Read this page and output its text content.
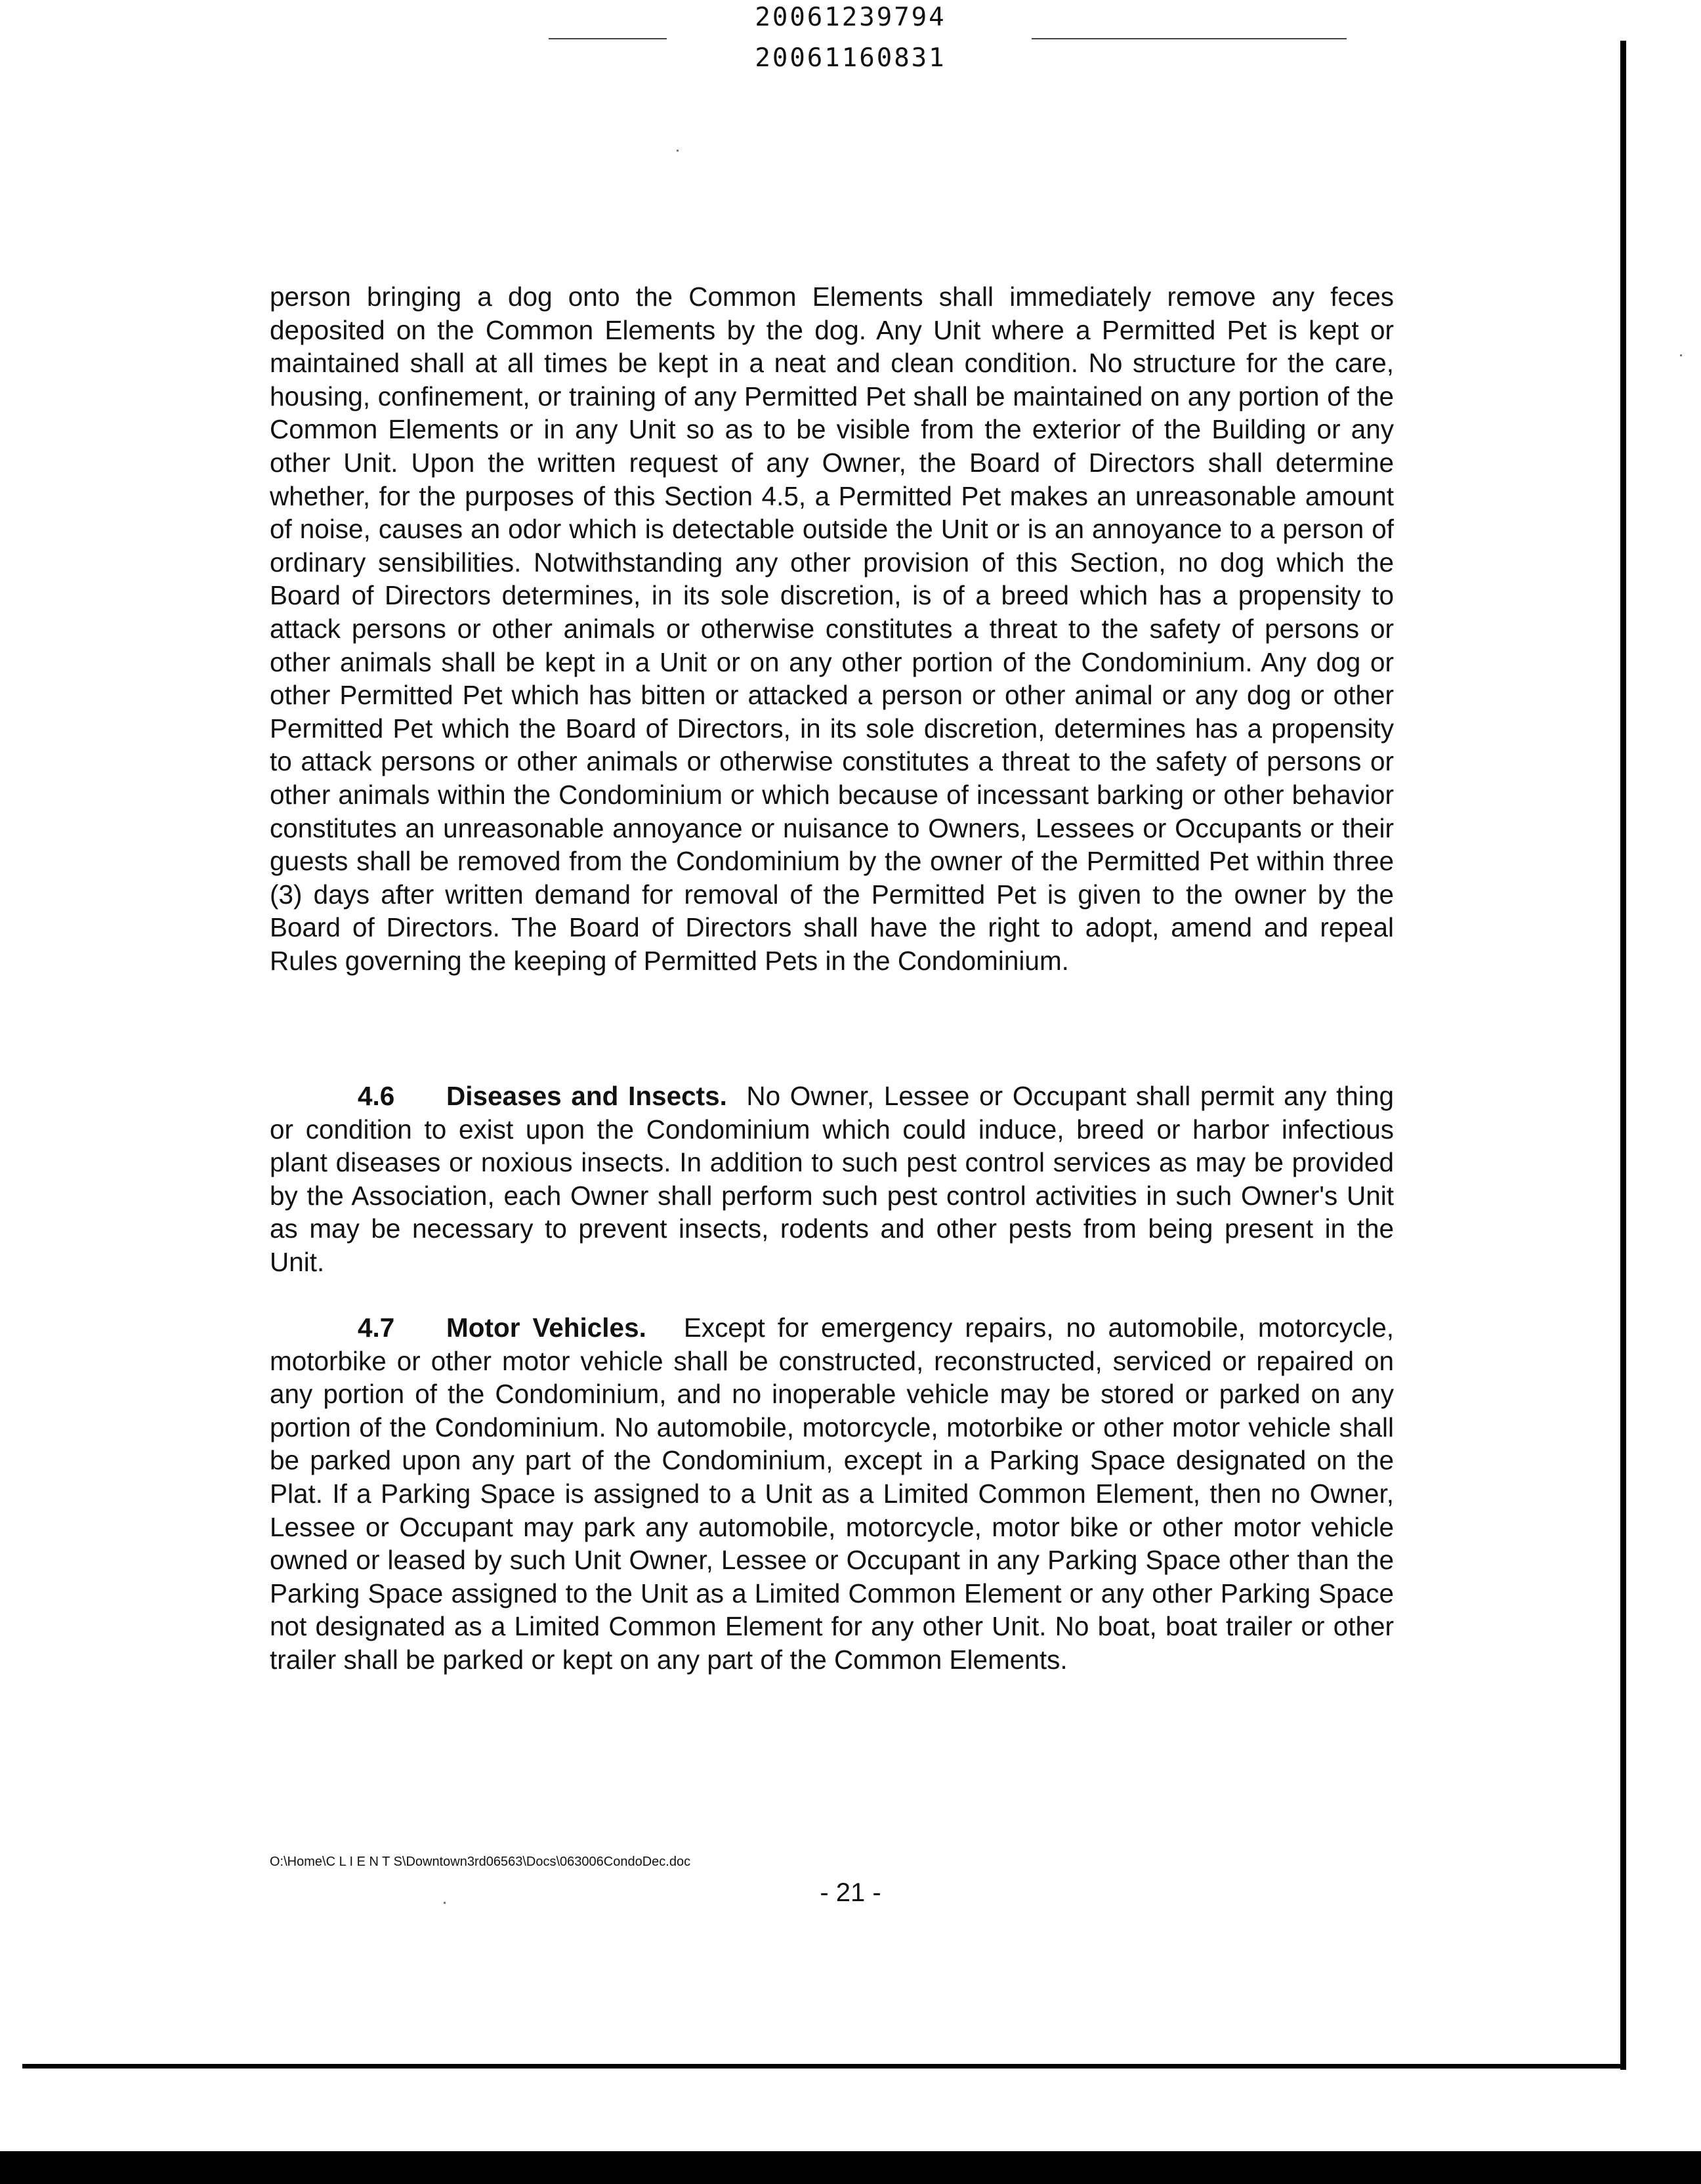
20061239794
20061160831

person bringing a dog onto the Common Elements shall immediately remove any feces deposited on the Common Elements by the dog. Any Unit where a Permitted Pet is kept or maintained shall at all times be kept in a neat and clean condition. No structure for the care, housing, confinement, or training of any Permitted Pet shall be maintained on any portion of the Common Elements or in any Unit so as to be visible from the exterior of the Building or any other Unit. Upon the written request of any Owner, the Board of Directors shall determine whether, for the purposes of this Section 4.5, a Permitted Pet makes an unreasonable amount of noise, causes an odor which is detectable outside the Unit or is an annoyance to a person of ordinary sensibilities. Notwithstanding any other provision of this Section, no dog which the Board of Directors determines, in its sole discretion, is of a breed which has a propensity to attack persons or other animals or otherwise constitutes a threat to the safety of persons or other animals shall be kept in a Unit or on any other portion of the Condominium. Any dog or other Permitted Pet which has bitten or attacked a person or other animal or any dog or other Permitted Pet which the Board of Directors, in its sole discretion, determines has a propensity to attack persons or other animals or otherwise constitutes a threat to the safety of persons or other animals within the Condominium or which because of incessant barking or other behavior constitutes an unreasonable annoyance or nuisance to Owners, Lessees or Occupants or their guests shall be removed from the Condominium by the owner of the Permitted Pet within three (3) days after written demand for removal of the Permitted Pet is given to the owner by the Board of Directors. The Board of Directors shall have the right to adopt, amend and repeal Rules governing the keeping of Permitted Pets in the Condominium.

4.6 Diseases and Insects. No Owner, Lessee or Occupant shall permit any thing or condition to exist upon the Condominium which could induce, breed or harbor infectious plant diseases or noxious insects. In addition to such pest control services as may be provided by the Association, each Owner shall perform such pest control activities in such Owner's Unit as may be necessary to prevent insects, rodents and other pests from being present in the Unit.

4.7 Motor Vehicles. Except for emergency repairs, no automobile, motorcycle, motorbike or other motor vehicle shall be constructed, reconstructed, serviced or repaired on any portion of the Condominium, and no inoperable vehicle may be stored or parked on any portion of the Condominium. No automobile, motorcycle, motorbike or other motor vehicle shall be parked upon any part of the Condominium, except in a Parking Space designated on the Plat. If a Parking Space is assigned to a Unit as a Limited Common Element, then no Owner, Lessee or Occupant may park any automobile, motorcycle, motor bike or other motor vehicle owned or leased by such Unit Owner, Lessee or Occupant in any Parking Space other than the Parking Space assigned to the Unit as a Limited Common Element or any other Parking Space not designated as a Limited Common Element for any other Unit. No boat, boat trailer or other trailer shall be parked or kept on any part of the Common Elements.

O:\Home\C L I E N T S\Downtown3rd06563\Docs\063006CondoDec.doc
- 21 -
